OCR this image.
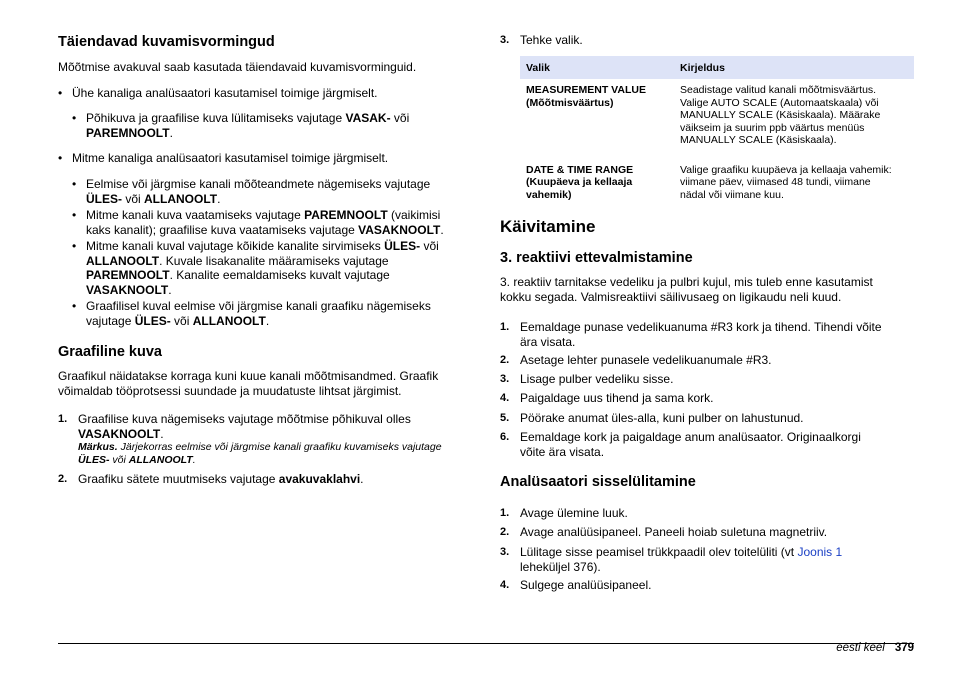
Täiendavad kuvamisvormingud
Mõõtmise avakuval saab kasutada täiendavaid kuvamisvorminguid.
• Ühe kanaliga analüsaatori kasutamisel toimige järgmiselt.
• Põhikuva ja graafilise kuva lülitamiseks vajutage VASAK- või
PAREMNOOLT.
• Mitme kanaliga analüsaatori kasutamisel toimige järgmiselt.
• Eelmise või järgmise kanali mõõteandmete nägemiseks vajutage
ÜLES- või ALLANOOLT.
• Mitme kanali kuva vaatamiseks vajutage PAREMNOOLT (vaikimisi
kaks kanalit); graafilise kuva vaatamiseks vajutage VASAKNOOLT.
• Mitme kanali kuval vajutage kõikide kanalite sirvimiseks ÜLES- või
ALLANOOLT. Kuvale lisakanalite määramiseks vajutage
PAREMNOOLT. Kanalite eemaldamiseks kuvalt vajutage
VASAKNOOLT.
• Graafilisel kuval eelmise või järgmise kanali graafiku nägemiseks
vajutage ÜLES- või ALLANOOLT.
Graafiline kuva
Graafikul näidatakse korraga kuni kuue kanali mõõtmisandmed. Graafik
võimaldab tööprotsessi suundade ja muudatuste lihtsat järgimist.
1. Graafilise kuva nägemiseks vajutage mõõtmise põhikuval olles
VASAKNOOLT.
Märkus. Järjekorras eelmise või järgmise kanali graafiku kuvamiseks vajutage
ÜLES- või ALLANOOLT.
2. Graafiku sätete muutmiseks vajutage avakuvaklahvi.
3. Tehke valik.
Valik	Kirjeldus
MEASUREMENT VALUE
(Mõõtmisväärtus)	Seadistage valitud kanali mõõtmisväärtus.
Valige AUTO SCALE (Automaatskaala) või
MANUALLY SCALE (Käsiskaala). Määrake
väikseim ja suurim ppb väärtus menüüs
MANUALLY SCALE (Käsiskaala).
DATE & TIME RANGE
(Kuupäeva ja kellaaja
vahemik)	Valige graafiku kuupäeva ja kellaaja vahemik:
viimane päev, viimased 48 tundi, viimane
nädal või viimane kuu.
Käivitamine
3. reaktiivi ettevalmistamine
3. reaktiiv tarnitakse vedeliku ja pulbri kujul, mis tuleb enne kasutamist
kokku segada. Valmisreaktiivi säilivusaeg on ligikaudu neli kuud.
1. Eemaldage punase vedelikuanuma #R3 kork ja tihend. Tihendi võite
ära visata.
2. Asetage lehter punasele vedelikuanumale #R3.
3. Lisage pulber vedeliku sisse.
4. Paigaldage uus tihend ja sama kork.
5. Pöörake anumat üles-alla, kuni pulber on lahustunud.
6. Eemaldage kork ja paigaldage anum analüsaator. Originaalkorgi
võite ära visata.
Analüsaatori sisselülitamine
1. Avage ülemine luuk.
2. Avage analüüsipaneel. Paneeli hoiab suletuna magnetriiv.
3. Lülitage sisse peamisel trükkpaadil olev toitelüliti (vt Joonis 1
leheküljel 376).
4. Sulgege analüüsipaneel.
eesti keel 379
